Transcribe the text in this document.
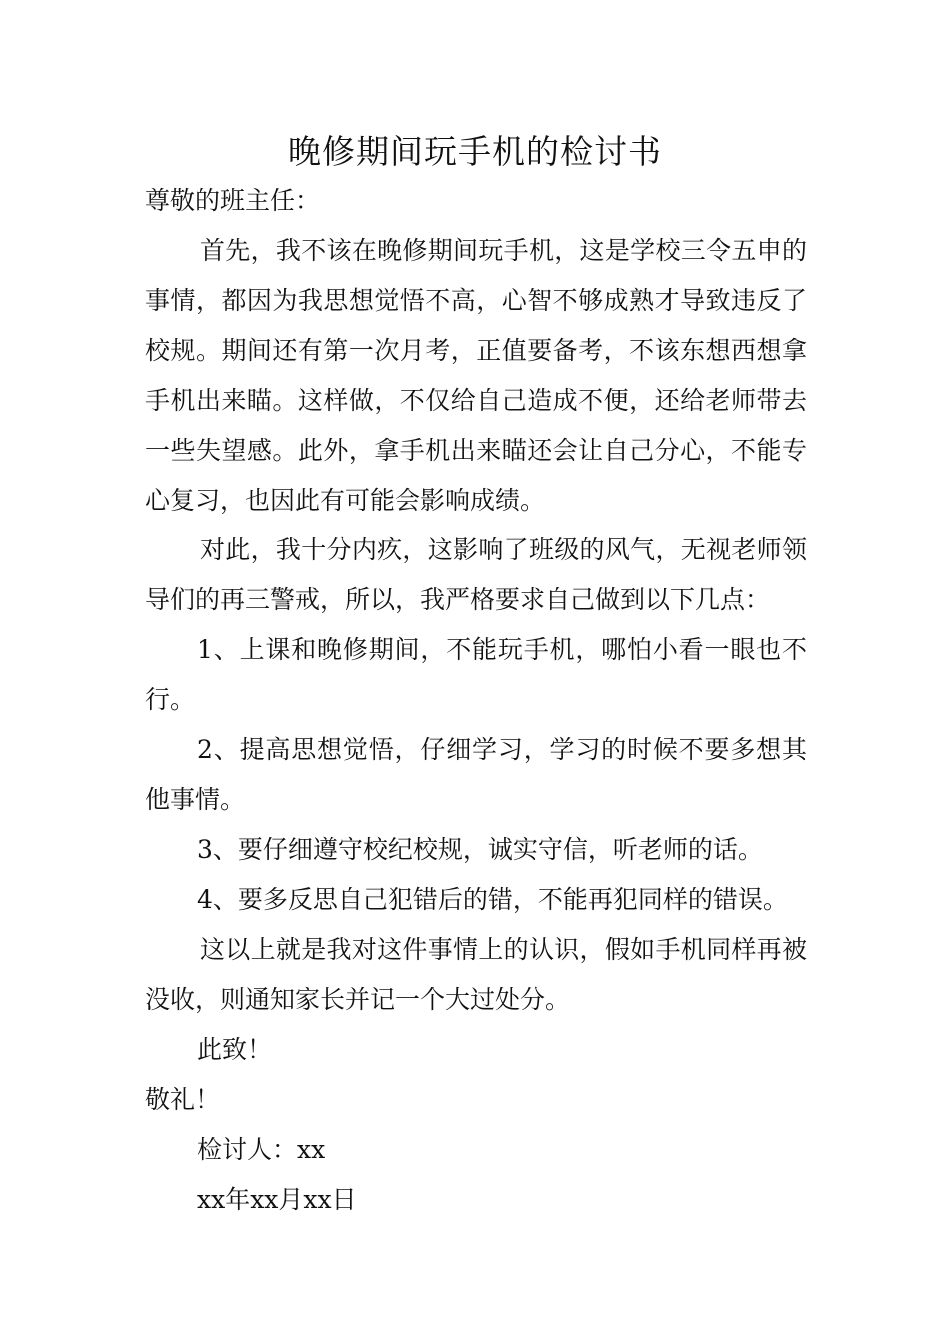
晚修期间玩手机的检讨书

尊敬的班主任：

首先，我不该在晚修期间玩手机，这是学校三令五申的事情，都因为我思想觉悟不高，心智不够成熟才导致违反了校规。期间还有第一次月考，正值要备考，不该东想西想拿手机出来瞄。这样做，不仅给自己造成不便，还给老师带去一些失望感。此外，拿手机出来瞄还会让自己分心，不能专心复习，也因此有可能会影响成绩。

对此，我十分内疚，这影响了班级的风气，无视老师领导们的再三警戒，所以，我严格要求自己做到以下几点：

1、上课和晚修期间，不能玩手机，哪怕小看一眼也不行。

2、提高思想觉悟，仔细学习，学习的时候不要多想其他事情。

3、要仔细遵守校纪校规，诚实守信，听老师的话。

4、要多反思自己犯错后的错，不能再犯同样的错误。

这以上就是我对这件事情上的认识，假如手机同样再被没收，则通知家长并记一个大过处分。

此致！

敬礼！

检讨人：xx

xx年xx月xx日
